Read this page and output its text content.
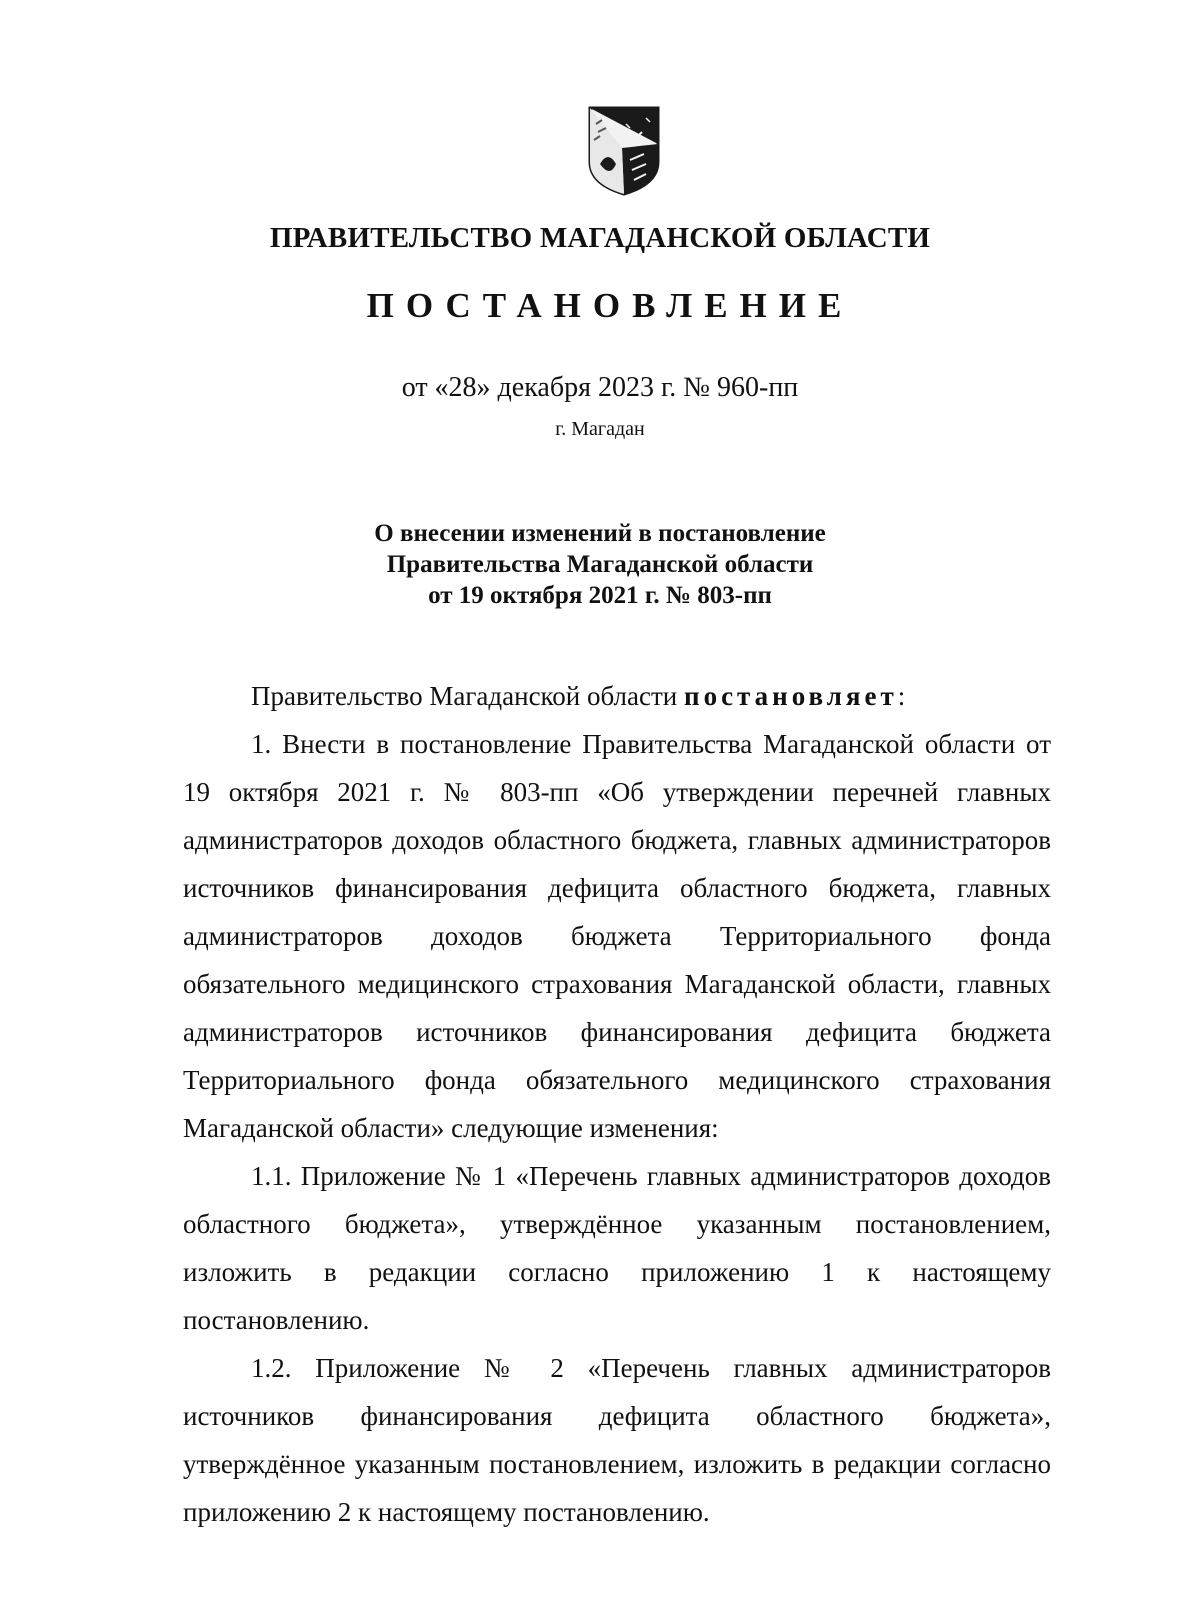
ПРАВИТЕЛЬСТВО МАГАДАНСКОЙ ОБЛАСТИ
ПОСТАНОВЛЕНИЕ
от «28» декабря 2023 г. № 960-пп
г. Магадан
О внесении изменений в постановление
Правительства Магаданской области
от 19 октября 2021 г. № 803-пп

Правительство Магаданской области постановляет:

1. Внести в постановление Правительства Магаданской области от 19 октября 2021 г. № 803-пп «Об утверждении перечней главных администраторов доходов областного бюджета, главных администраторов источников финансирования дефицита областного бюджета, главных администраторов доходов бюджета Территориального фонда обязательного медицинского страхования Магаданской области, главных администраторов источников финансирования дефицита бюджета Территориального фонда обязательного медицинского страхования Магаданской области» следующие изменения:

1.1. Приложение № 1 «Перечень главных администраторов доходов областного бюджета», утверждённое указанным постановлением, изложить в редакции согласно приложению 1 к настоящему постановлению.

1.2. Приложение № 2 «Перечень главных администраторов источников финансирования дефицита областного бюджета», утверждённое указанным постановлением, изложить в редакции согласно приложению 2 к настоящему постановлению.
